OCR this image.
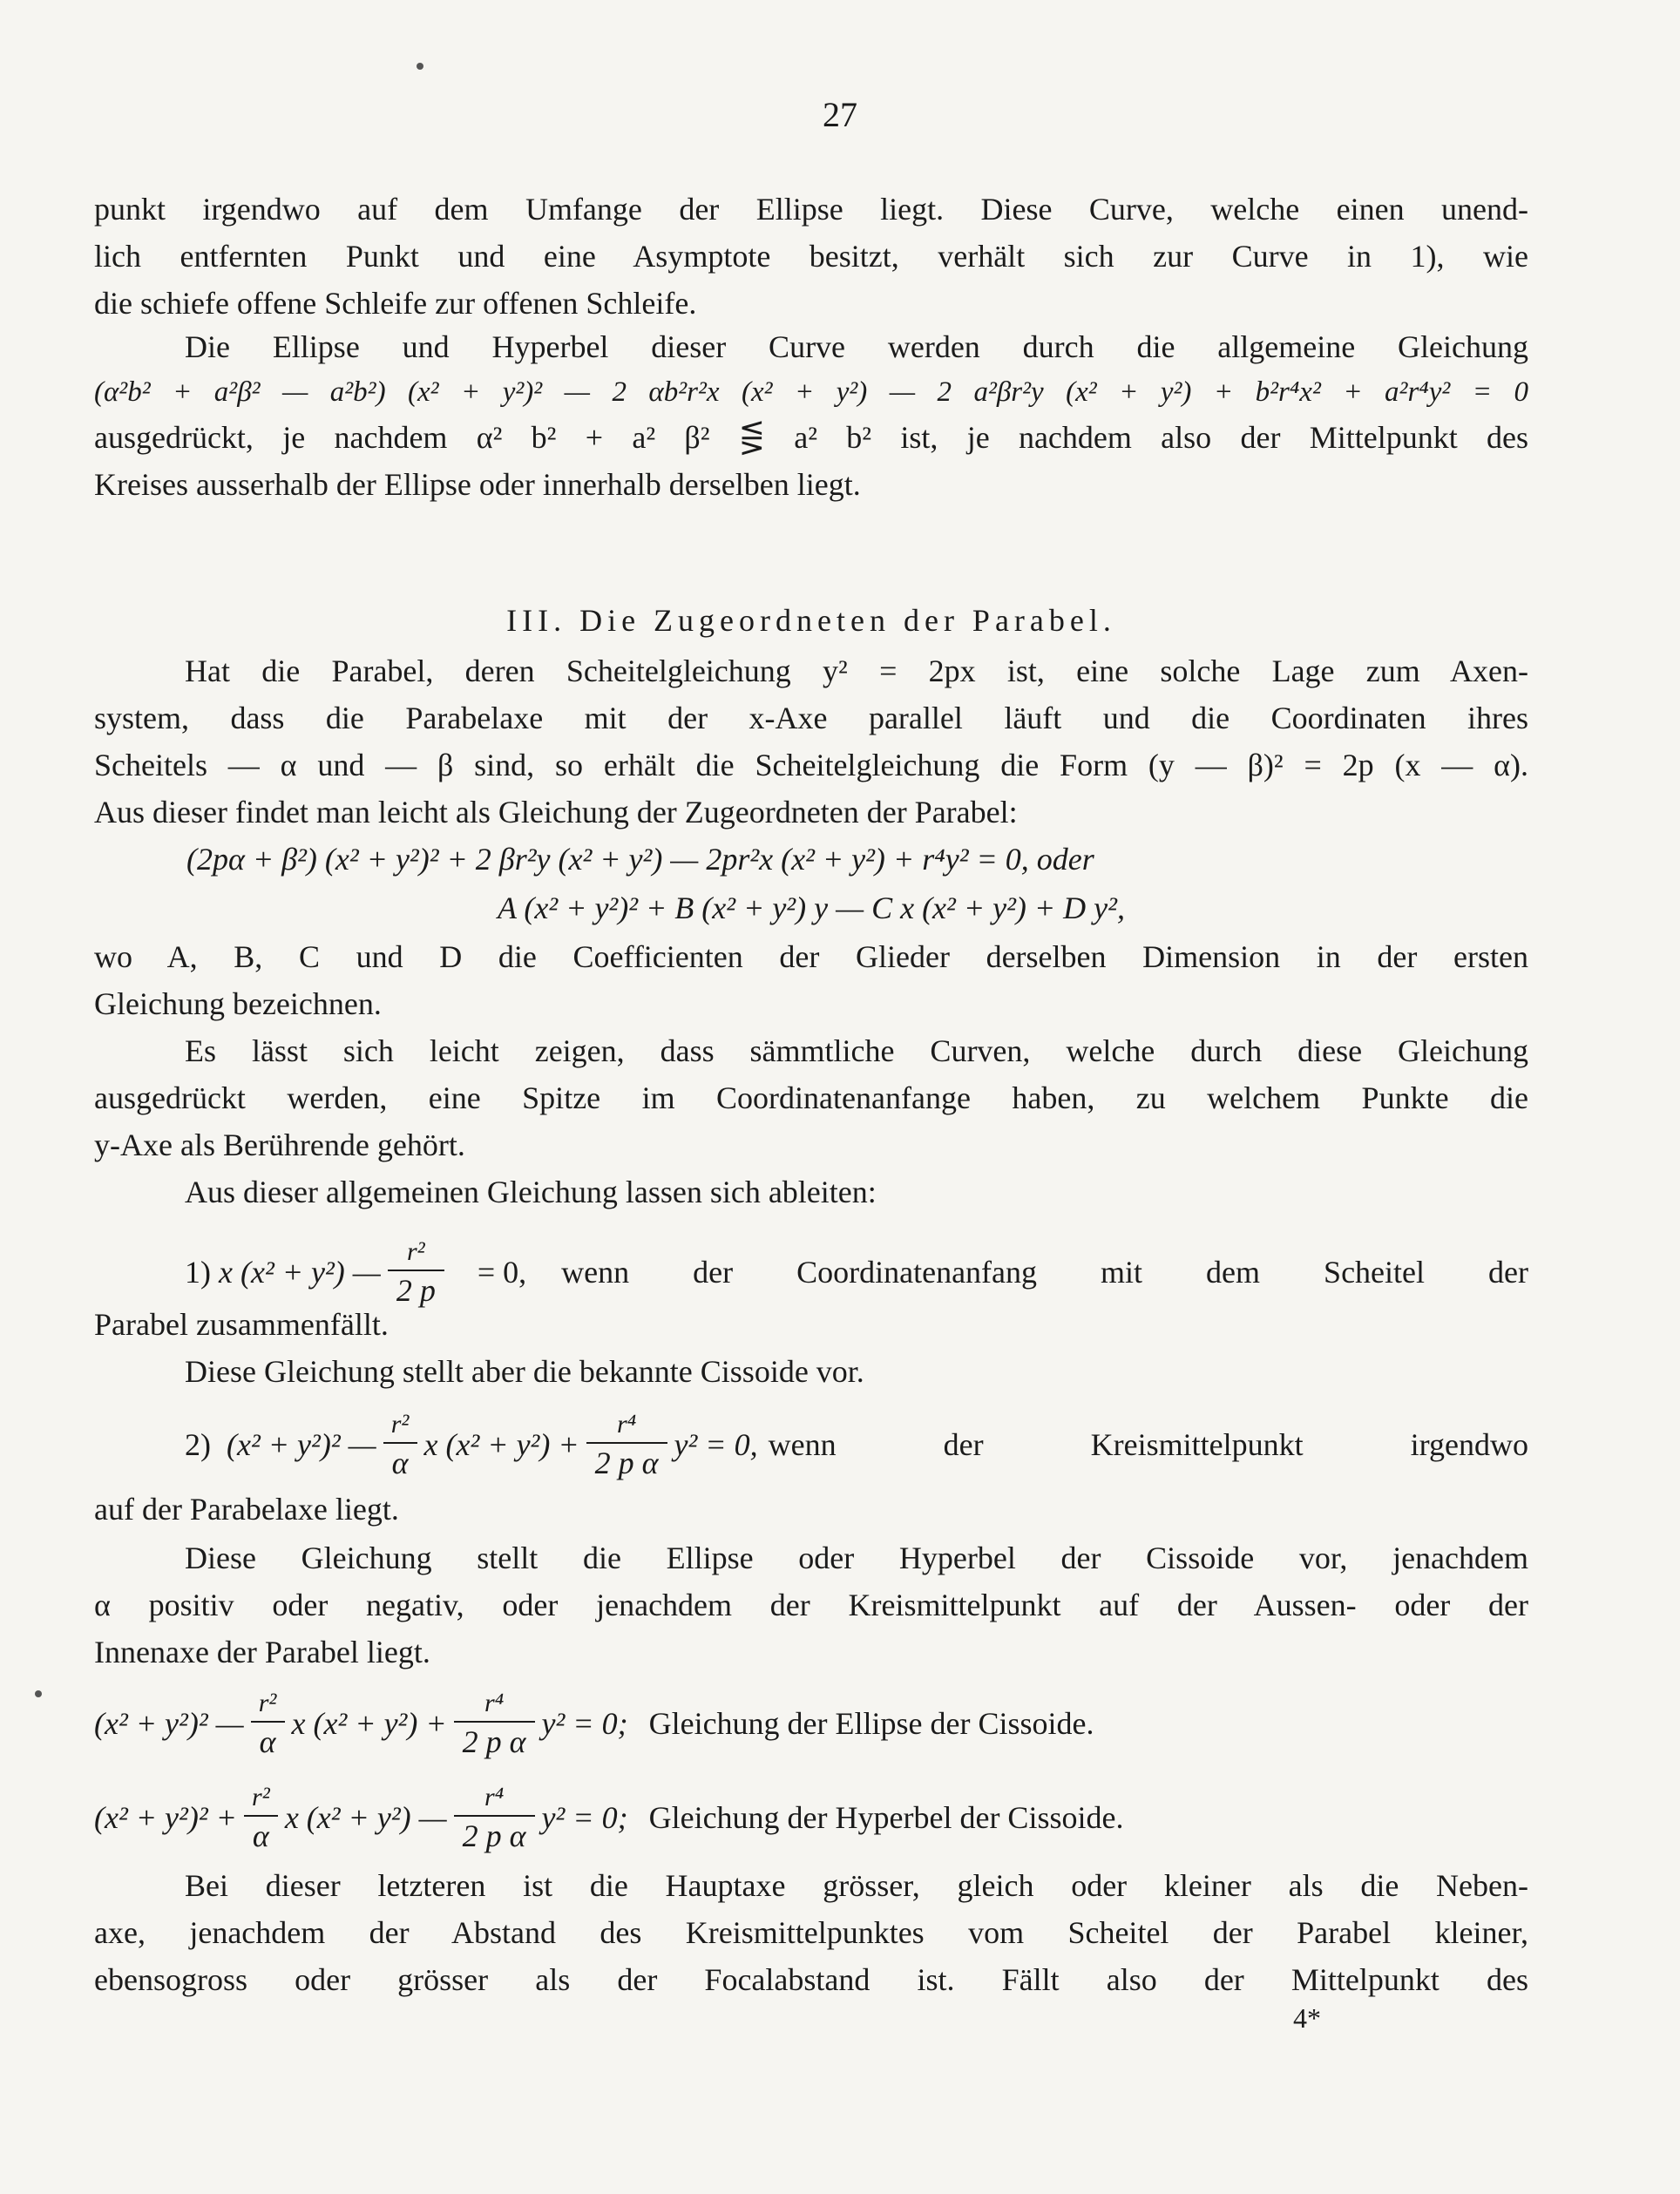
27
punkt irgendwo auf dem Umfange der Ellipse liegt. Diese Curve, welche einen unend-
lich entfernten Punkt und eine Asymptote besitzt, verhält sich zur Curve in 1), wie
die schiefe offene Schleife zur offenen Schleife.
Die Ellipse und Hyperbel dieser Curve werden durch die allgemeine Gleichung
(α²b² + a²β² — a²b²) (x² + y²)² — 2 αb²r²x (x² + y²) — 2 a²βr²y (x² + y²) + b²r⁴x² + a²r⁴y² = 0
ausgedrückt, je nachdem α² b² + a² β² ⋚ a² b² ist, je nachdem also der Mittelpunkt des
Kreises ausserhalb der Ellipse oder innerhalb derselben liegt.
III. Die Zugeordneten der Parabel.
Hat die Parabel, deren Scheitelgleichung y² = 2px ist, eine solche Lage zum Axen-
system, dass die Parabelaxe mit der x-Axe parallel läuft und die Coordinaten ihres
Scheitels — α und — β sind, so erhält die Scheitelgleichung die Form (y — β)² = 2p (x — α).
Aus dieser findet man leicht als Gleichung der Zugeordneten der Parabel:
(2pα + β²) (x² + y²)² + 2 βr²y (x² + y²) — 2pr²x (x² + y²) + r⁴y² = 0, oder
A (x² + y²)² + B (x² + y²) y — C x (x² + y²) + D y²,
wo A, B, C und D die Coefficienten der Glieder derselben Dimension in der ersten
Gleichung bezeichnen.
Es lässt sich leicht zeigen, dass sämmtliche Curven, welche durch diese Gleichung
ausgedrückt werden, eine Spitze im Coordinatenanfange haben, zu welchem Punkte die
y-Axe als Berührende gehört.
Aus dieser allgemeinen Gleichung lassen sich ableiten:
1)
x (x² + y²) — $\frac{\text{r²}}{2 p} = 0$, wenn der Coordinatenanfang mit dem Scheitel der
Parabel zusammenfällt.
Diese Gleichung stellt aber die bekannte Cissoide vor.
2)
(x² + y²)² — $\frac{\text{r²}}{\alpha}$ x $(x^2 + y^2) + \frac{\text{r⁴}}{\text{2 p α}} y^2 = 0$, wenn der Kreismittelpunkt irgendwo
auf der Parabelaxe liegt.
Diese Gleichung stellt die Ellipse oder Hyperbel der Cissoide vor, jenachdem
α positiv oder negativ, oder jenachdem der Kreismittelpunkt auf der Aussen- oder der
Innenaxe der Parabel liegt.
(x² + y²)² — $\frac{\text{r²}}{\alpha}$ x $(x^2 + y^2) + \frac{\text{r⁴}}{\text{2 p α}} y^2 = 0$; Gleichung der Ellipse der Cissoide.
$(x^2 + y^2)^2 + \frac{\text{r²}}{\alpha}$ x (x² + y²) — $\frac{\text{r⁴}}{\text{2 p α}} y^2 = 0$; Gleichung der Hyperbel der Cissoide.
Bei dieser letzteren ist die Hauptaxe grösser, gleich oder kleiner als die Neben-
axe, jenachdem der Abstand des Kreismittelpunktes vom Scheitel der Parabel kleiner,
ebensogross oder grösser als der Focalabstand ist. Fällt also der Mittelpunkt des
4*
